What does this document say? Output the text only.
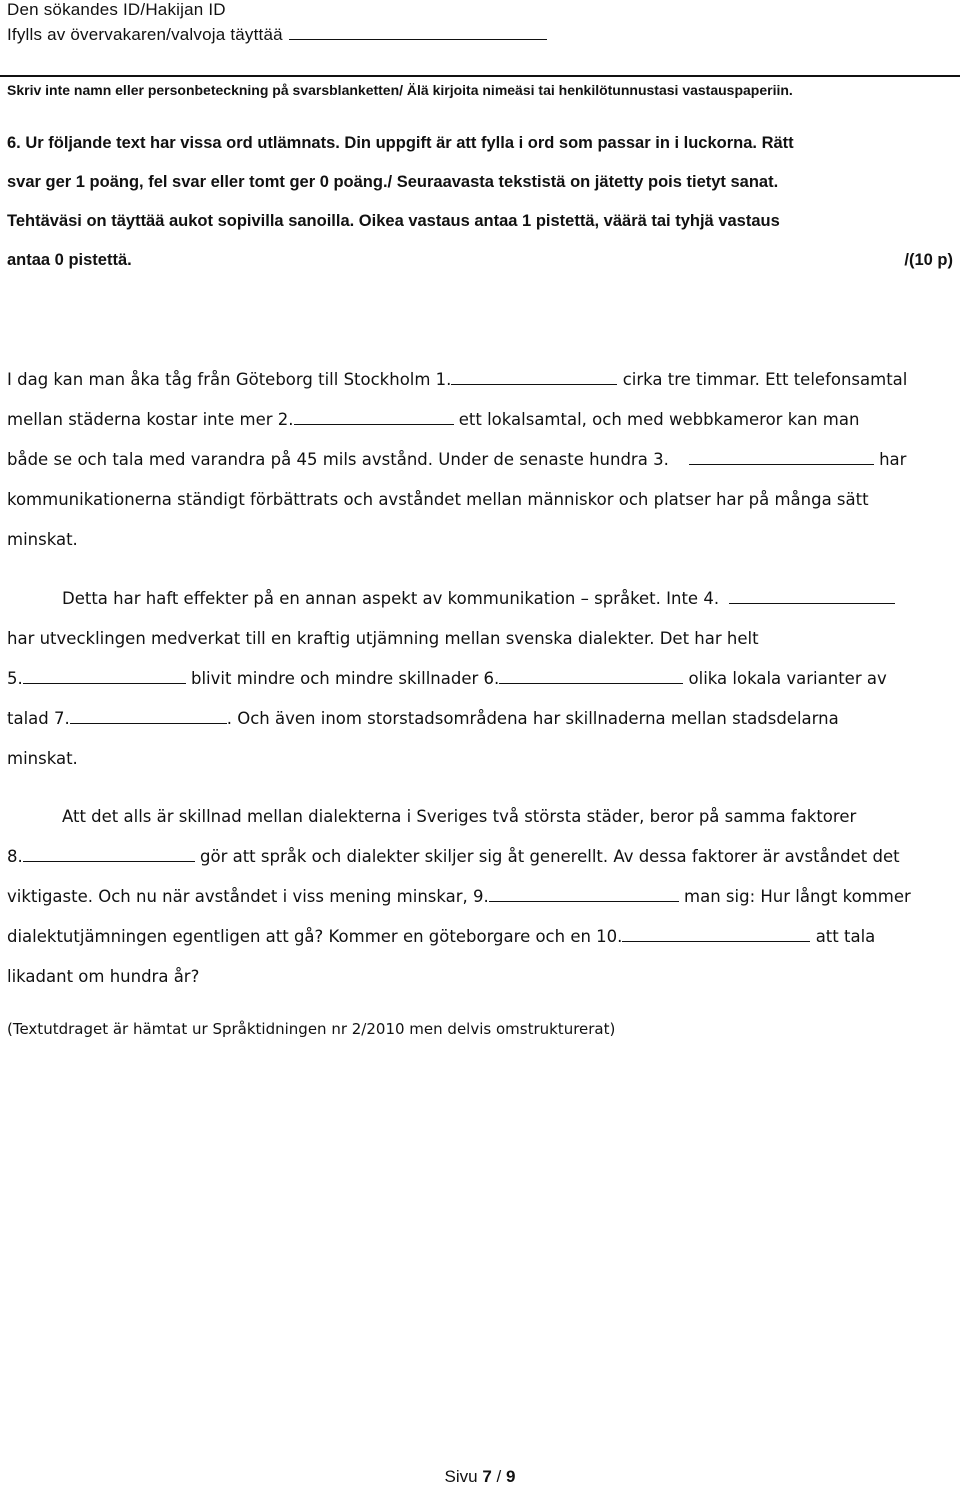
Den sökandes ID/Hakijan ID
Ifylls av övervakaren/valvoja täyttää
Skriv inte namn eller personbeteckning på svarsblanketten/ Älä kirjoita nimeäsi tai henkilötunnustasi vastauspaperiin.
6. Ur följande text har vissa ord utlämnats. Din uppgift är att fylla i ord som passar in i luckorna. Rätt
svar ger 1 poäng, fel svar eller tomt ger 0 poäng./ Seuraavasta tekstistä on jätetty pois tietyt sanat.
Tehtäväsi on täyttää aukot sopivilla sanoilla. Oikea vastaus antaa 1 pistettä, väärä tai tyhjä vastaus
antaa 0 pistettä.	/(10 p)
I dag kan man åka tåg från Göteborg till Stockholm 1.	cirka tre timmar. Ett telefonsamtal
mellan städerna kostar inte mer 2.	ett lokalsamtal, och med webbkameror kan man
både se och tala med varandra på 45 mils avstånd. Under de senaste hundra 3.	har
kommunikationerna ständigt förbättrats och avståndet mellan människor och platser har på många sätt
minskat.
Detta har haft effekter på en annan aspekt av kommunikation – språket. Inte 4.
har utvecklingen medverkat till en kraftig utjämning mellan svenska dialekter. Det har helt
5.	blivit mindre och mindre skillnader 6.	olika lokala varianter av
talad 7.	. Och även inom storstadsområdena har skillnaderna mellan stadsdelarna
minskat.
Att det alls är skillnad mellan dialekterna i Sveriges två största städer, beror på samma faktorer
8.	gör att språk och dialekter skiljer sig åt generellt. Av dessa faktorer är avståndet det
viktigaste. Och nu när avståndet i viss mening minskar, 9.	man sig: Hur långt kommer
dialektutjämningen egentligen att gå? Kommer en göteborgare och en 10.	att tala
likadant om hundra år?
(Textutdraget är hämtat ur Språktidningen nr 2/2010 men delvis omstrukturerat)
Sivu 7 / 9
